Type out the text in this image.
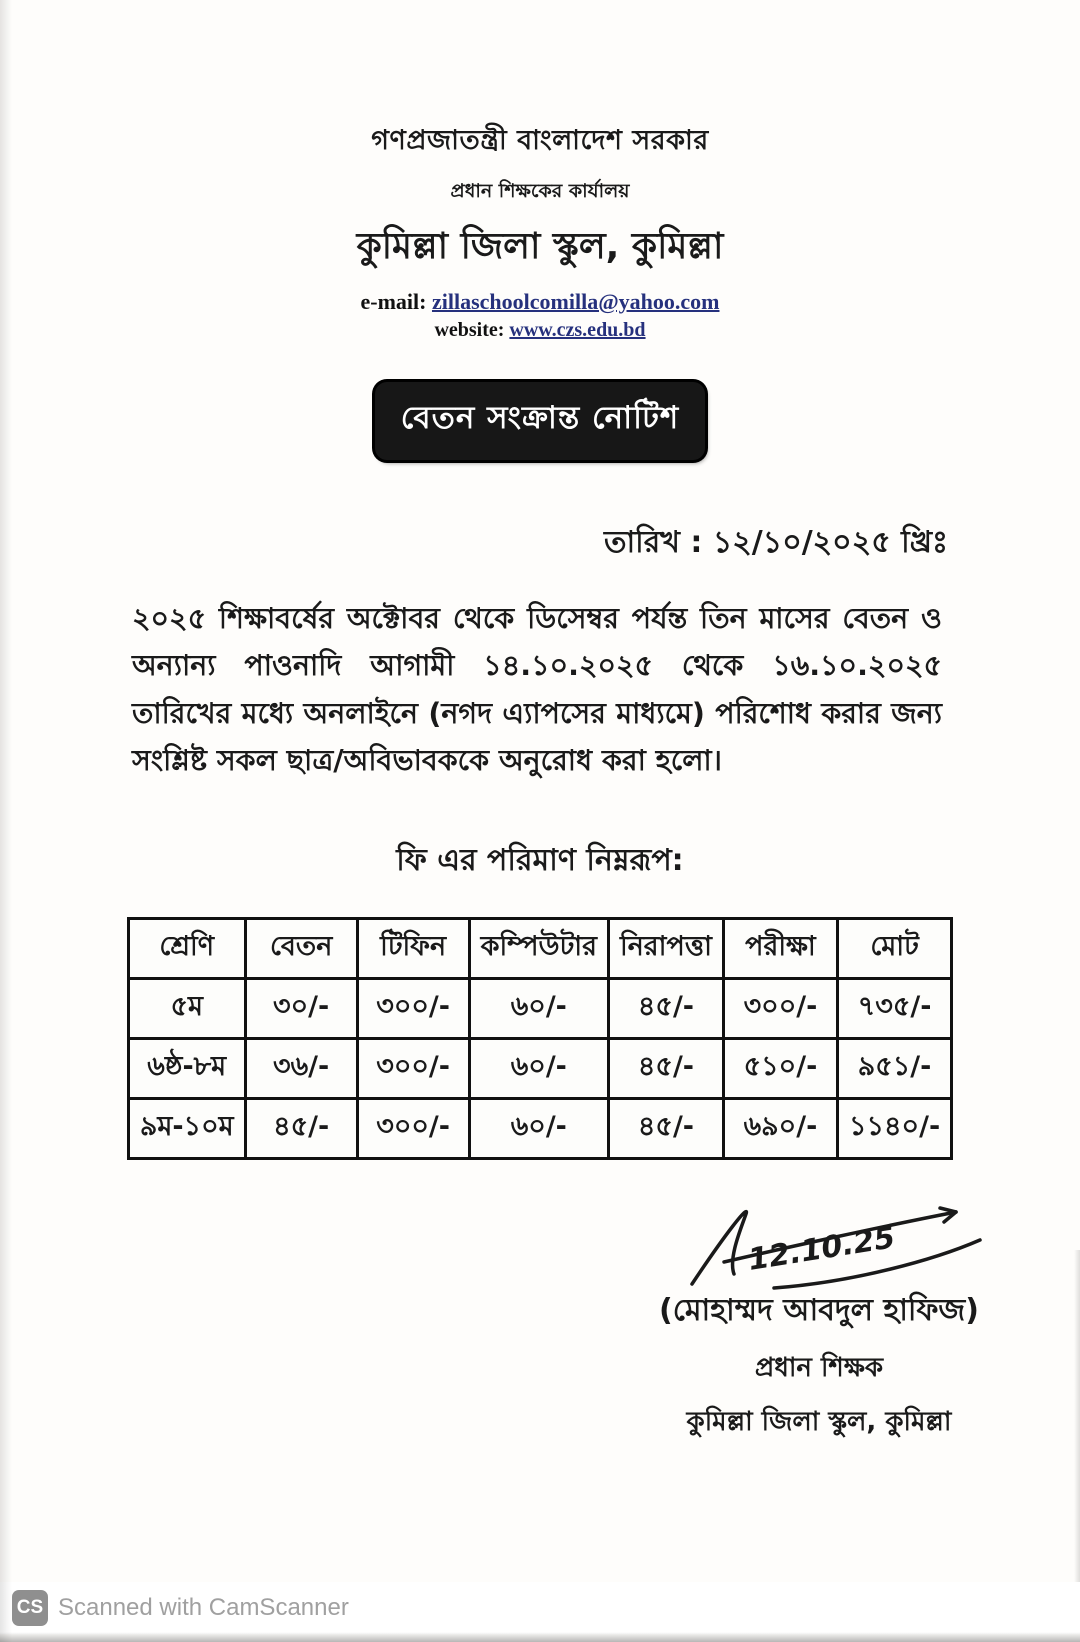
গণপ্রজাতন্ত্রী বাংলাদেশ সরকার
প্রধান শিক্ষকের কার্যালয়
কুমিল্লা জিলা স্কুল, কুমিল্লা
e-mail: zillaschoolcomilla@yahoo.com
website: www.czs.edu.bd
বেতন সংক্রান্ত নোটিশ
তারিখ : ১২/১০/২০২৫ খ্রিঃ
২০২৫ শিক্ষাবর্ষের অক্টোবর থেকে ডিসেম্বর পর্যন্ত তিন মাসের বেতন ও অন্যান্য পাওনাদি আগামী ১৪.১০.২০২৫ থেকে ১৬.১০.২০২৫ তারিখের মধ্যে অনলাইনে (নগদ এ্যাপসের মাধ্যমে) পরিশোধ করার জন্য সংশ্লিষ্ট সকল ছাত্র/অবিভাবককে অনুরোধ করা হলো।
ফি এর পরিমাণ নিম্নরূপ:
শ্রেণি	বেতন	টিফিন	কম্পিউটার	নিরাপত্তা	পরীক্ষা	মোট
৫ম	৩০/-	৩০০/-	৬০/-	৪৫/-	৩০০/-	৭৩৫/-
৬ষ্ঠ-৮ম	৩৬/-	৩০০/-	৬০/-	৪৫/-	৫১০/-	৯৫১/-
৯ম-১০ম	৪৫/-	৩০০/-	৬০/-	৪৫/-	৬৯০/-	১১৪০/-
12.10.25
(মোহাম্মদ আবদুল হাফিজ)
প্রধান শিক্ষক
কুমিল্লা জিলা স্কুল, কুমিল্লা
CS Scanned with CamScanner
